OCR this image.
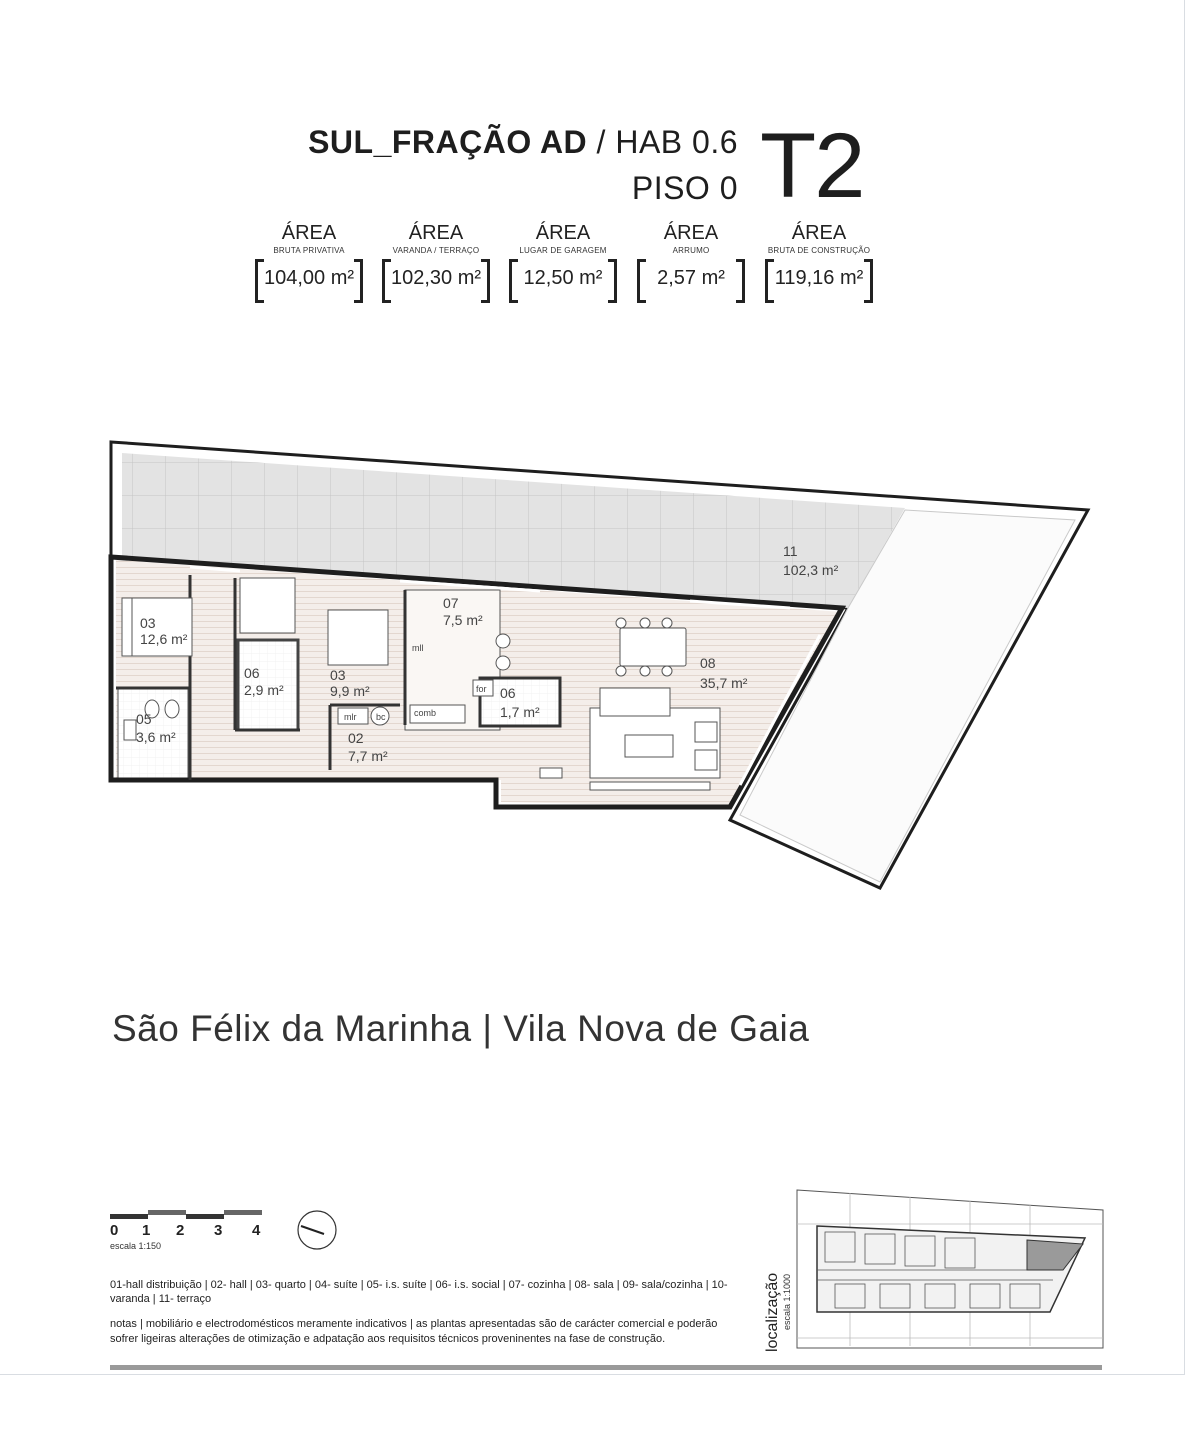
SUL_FRAÇÃO AD / HAB 0.6
PISO 0 T2
ÁREA
BRUTA PRIVATIVA
104,00 m²
ÁREA
VARANDA / TERRAÇO
102,30 m²
ÁREA
LUGAR DE GARAGEM
12,50 m²
ÁREA
ARRUMO
2,57 m²
ÁREA
BRUTA DE CONSTRUÇÃO
119,16 m²
03
12,6 m²
06
2,9 m²
03
9,9 m²
05
3,6 m²	02
7,7 m²
07
7,5 m²
06
1,7 m²
08
35,7 m²
11
102,3 m²
mlr bc	comb
for
mll
São Félix da Marinha | Vila Nova de Gaia
0 1 2 3 4
escala 1:150
01-hall distribuição | 02- hall | 03- quarto | 04- suíte | 05- i.s. suíte | 06- i.s. social | 07- cozinha | 08- sala | 09- sala/cozinha | 10- varanda | 11- terraço
notas | mobiliário e electrodomésticos meramente indicativos | as plantas apresentadas são de carácter comercial e poderão sofrer ligeiras alterações de otimização e adpatação aos requisitos técnicos proveninentes na fase de construção.	localização escala 1:1000
